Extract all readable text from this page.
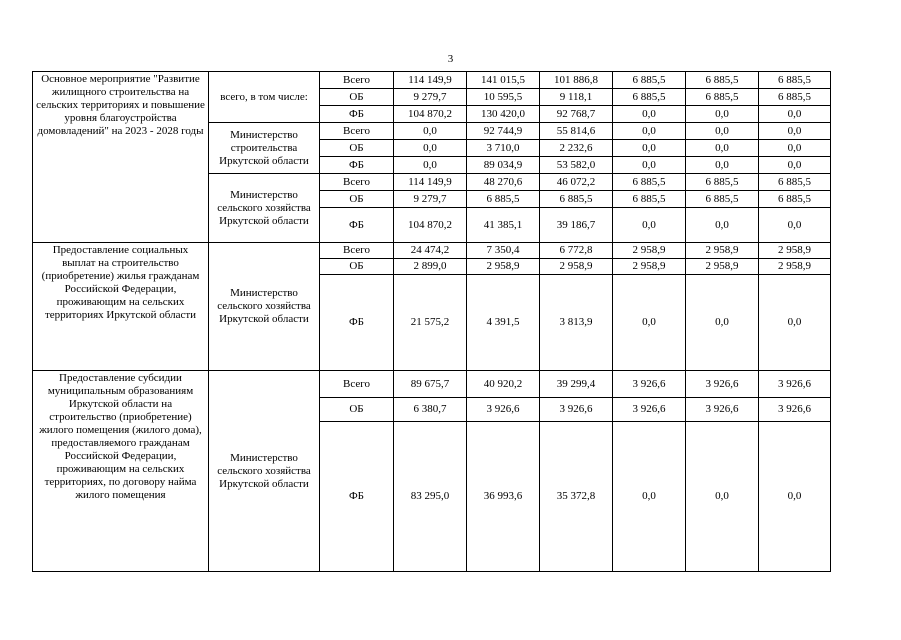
3
Основное мероприятие "Развитие жилищного строительства на сельских территориях и повышение уровня благоустройства домовладений" на 2023 - 2028 годы	всего, в том числе:	Всего	114 149,9	141 015,5	101 886,8	6 885,5	6 885,5	6 885,5
		ОБ	9 279,7	10 595,5	9 118,1	6 885,5	6 885,5	6 885,5
		ФБ	104 870,2	130 420,0	92 768,7	0,0	0,0	0,0
	Министерство строительства Иркутской области	Всего	0,0	92 744,9	55 814,6	0,0	0,0	0,0
		ОБ	0,0	3 710,0	2 232,6	0,0	0,0	0,0
		ФБ	0,0	89 034,9	53 582,0	0,0	0,0	0,0
	Министерство сельского хозяйства Иркутской области	Всего	114 149,9	48 270,6	46 072,2	6 885,5	6 885,5	6 885,5
		ОБ	9 279,7	6 885,5	6 885,5	6 885,5	6 885,5	6 885,5
		ФБ	104 870,2	41 385,1	39 186,7	0,0	0,0	0,0
Предоставление социальных выплат на строительство (приобретение) жилья гражданам Российской Федерации, проживающим на сельских территориях Иркутской области	Министерство сельского хозяйства Иркутской области	Всего	24 474,2	7 350,4	6 772,8	2 958,9	2 958,9	2 958,9
		ОБ	2 899,0	2 958,9	2 958,9	2 958,9	2 958,9	2 958,9
		ФБ	21 575,2	4 391,5	3 813,9	0,0	0,0	0,0
Предоставление субсидии муниципальным образованиям Иркутской области на строительство (приобретение) жилого помещения (жилого дома), предоставляемого гражданам Российской Федерации, проживающим на сельских территориях, по договору найма жилого помещения	Министерство сельского хозяйства Иркутской области	Всего	89 675,7	40 920,2	39 299,4	3 926,6	3 926,6	3 926,6
		ОБ	6 380,7	3 926,6	3 926,6	3 926,6	3 926,6	3 926,6
		ФБ	83 295,0	36 993,6	35 372,8	0,0	0,0	0,0
